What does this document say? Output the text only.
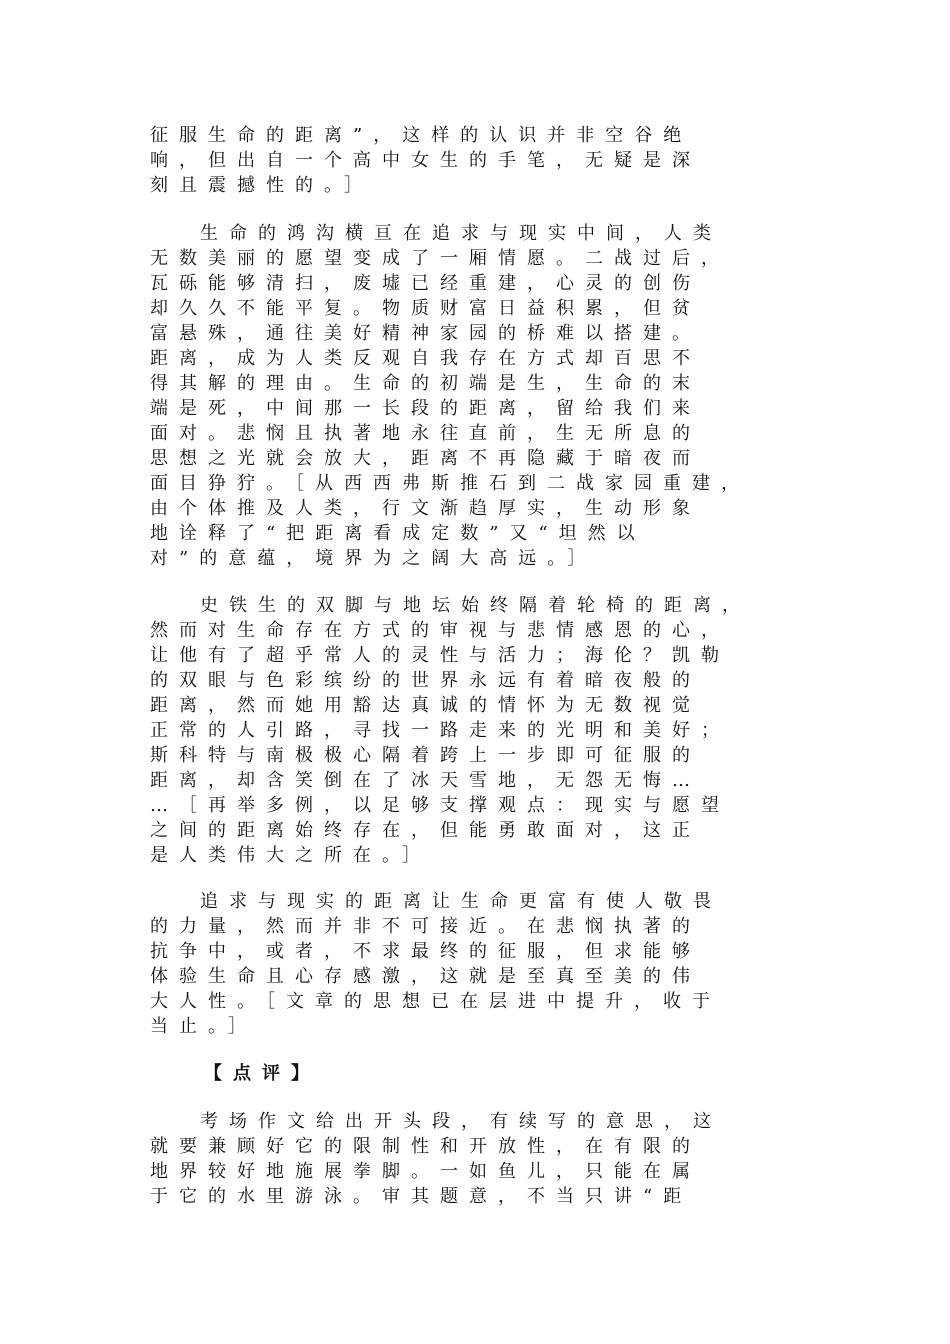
征服生命的距离”，这样的认识并非空谷绝
响，但出自一个高中女生的手笔，无疑是深
刻且震撼性的。］
生命的鸿沟横亘在追求与现实中间，人类
无数美丽的愿望变成了一厢情愿。二战过后，
瓦砾能够清扫，废墟已经重建，心灵的创伤
却久久不能平复。物质财富日益积累，但贫
富悬殊，通往美好精神家园的桥难以搭建。
距离，成为人类反观自我存在方式却百思不
得其解的理由。生命的初端是生，生命的末
端是死，中间那一长段的距离，留给我们来
面对。悲悯且执著地永往直前，生无所息的
思想之光就会放大，距离不再隐藏于暗夜而
面目狰狞。［从西西弗斯推石到二战家园重建，
由个体推及人类，行文渐趋厚实，生动形象
地诠释了“把距离看成定数”又“坦然以
对”的意蕴，境界为之阔大高远。］
史铁生的双脚与地坛始终隔着轮椅的距离，
然而对生命存在方式的审视与悲情感恩的心，
让他有了超乎常人的灵性与活力；海伦？凯勒
的双眼与色彩缤纷的世界永远有着暗夜般的
距离，然而她用豁达真诚的情怀为无数视觉
正常的人引路，寻找一路走来的光明和美好；
斯科特与南极极心隔着跨上一步即可征服的
距离，却含笑倒在了冰天雪地，无怨无悔…
…［再举多例，以足够支撑观点：现实与愿望
之间的距离始终存在，但能勇敢面对，这正
是人类伟大之所在。］
追求与现实的距离让生命更富有使人敬畏
的力量，然而并非不可接近。在悲悯执著的
抗争中，或者，不求最终的征服，但求能够
体验生命且心存感激，这就是至真至美的伟
大人性。［文章的思想已在层进中提升，收于
当止。］
【点评】
考场作文给出开头段，有续写的意思，这
就要兼顾好它的限制性和开放性，在有限的
地界较好地施展拳脚。一如鱼儿，只能在属
于它的水里游泳。审其题意，不当只讲“距
